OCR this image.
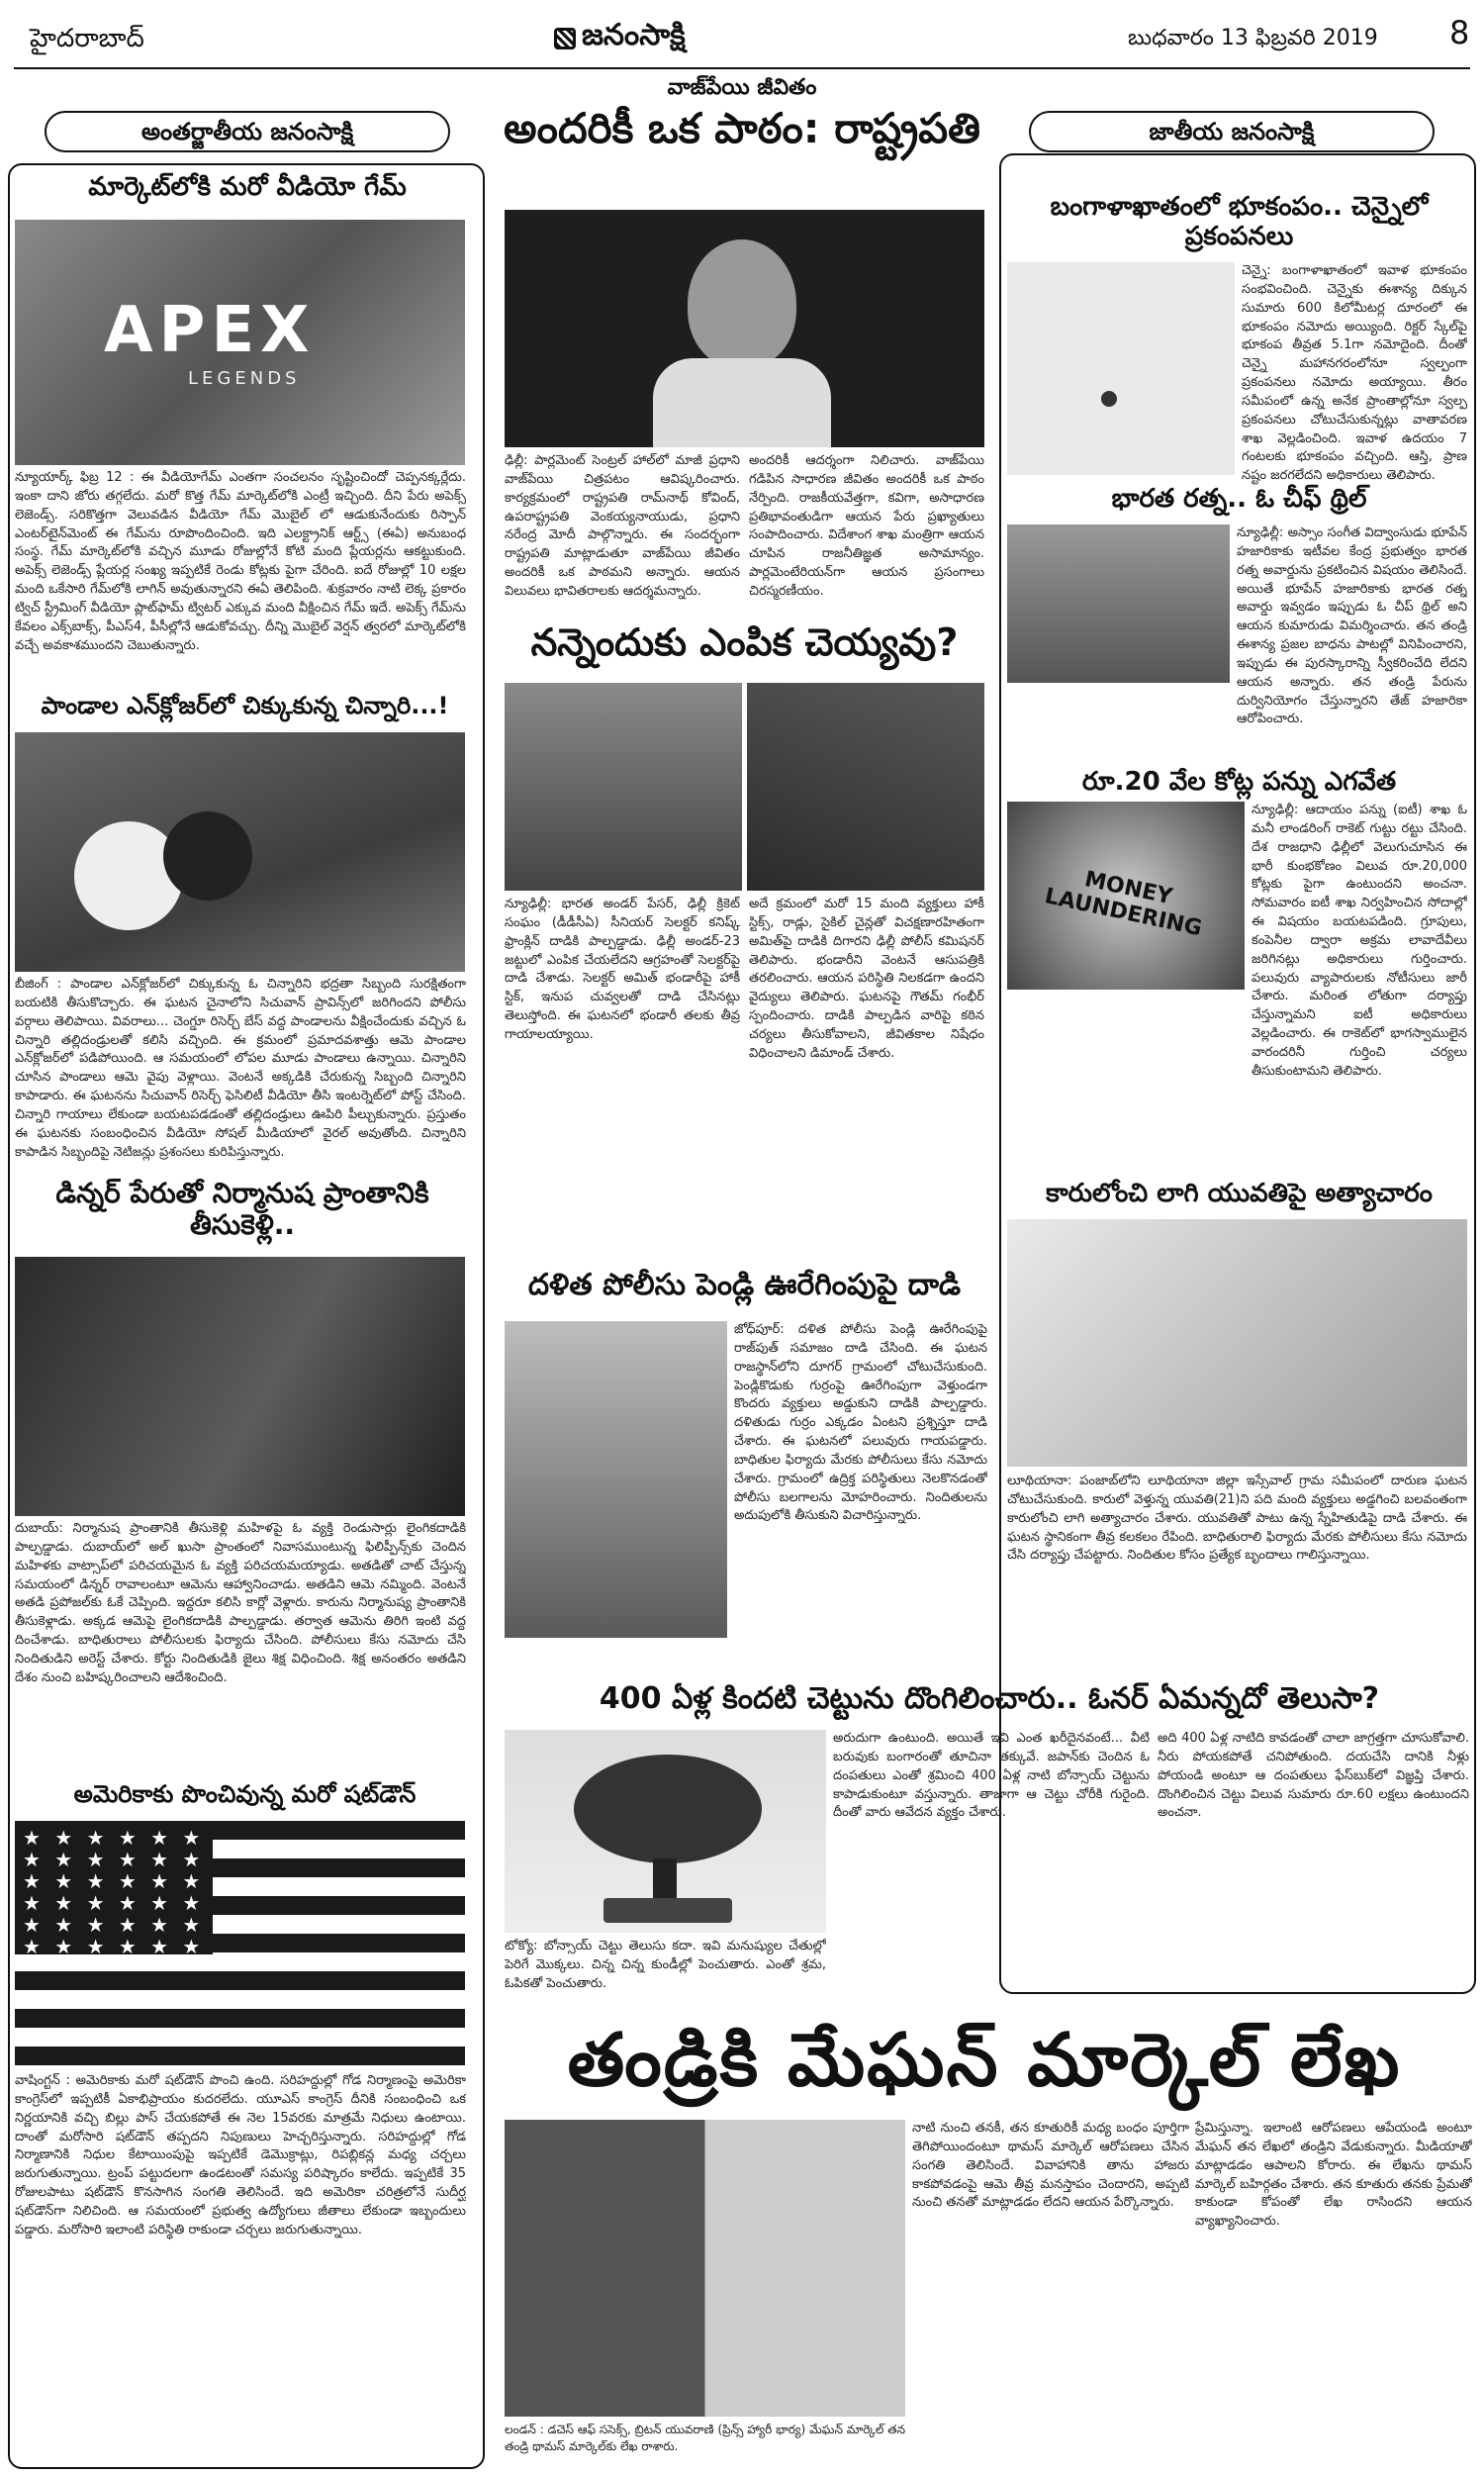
హైదరాబాద్	జనంసాక్షి	బుధవారం 13 ఫిబ్రవరి 2019 8
అంతర్జాతీయ జనంసాక్షి
మార్కెట్‌లోకి మరో వీడియో గేమ్
APEX
LEGENDS
న్యూయార్క్ ఫిబ్ర 12 : ఈ వీడియోగేమ్ ఎంతగా సంచలనం సృష్టించిందో చెప్పనక్కర్లేదు. ఇంకా దాని జోరు తగ్గలేదు. మరో కొత్త గేమ్ మార్కెట్‌లోకి ఎంట్రీ ఇచ్చింది. దీని పేరు అపెక్స్ లెజెండ్స్. సరికొత్తగా వెలువడిన వీడియో గేమ్ మొబైల్ లో ఆడుకునేందుకు రిస్పాన్ ఎంటర్‌టైన్‌మెంట్ ఈ గేమ్‌ను రూపొందించింది. ఇది ఎలక్ట్రానిక్ ఆర్ట్స్ (ఈఏ) అనుబంధ సంస్థ. గేమ్ మార్కెట్‌లోకి వచ్చిన మూడు రోజుల్లోనే కోటి మంది ప్లేయర్లను ఆకట్టుకుంది. అపెక్స్ లెజెండ్స్ ప్లేయర్ల సంఖ్య ఇప్పటికే రెండు కోట్లకు పైగా చేరింది. ఐదే రోజుల్లో 10 లక్షల మంది ఒకేసారి గేమ్‌లోకి లాగిన్ అవుతున్నారని ఈఏ తెలిపింది. శుక్రవారం నాటి లెక్క ప్రకారం ట్విచ్ స్ట్రీమింగ్ వీడియో ప్లాట్‌ఫామ్ ట్విటర్ ఎక్కువ మంది వీక్షించిన గేమ్ ఇదే. అపెక్స్ గేమ్‌ను కేవలం ఎక్స్‌బాక్స్, పీఎస్4, పీసీల్లోనే ఆడుకోవచ్చు. దీన్ని మొబైల్ వెర్షన్ త్వరలో మార్కెట్‌లోకి వచ్చే అవకాశముందని చెబుతున్నారు.
పాండాల ఎన్‌క్లోజర్‌లో చిక్కుకున్న చిన్నారి...!
బీజింగ్ : పాండాల ఎన్‌క్లోజర్‌లో చిక్కుకున్న ఓ చిన్నారిని భద్రతా సిబ్బంది సురక్షితంగా బయటికి తీసుకొచ్చారు. ఈ ఘటన చైనాలోని సిచువాన్ ప్రావిన్స్‌లో జరిగిందని పోలీసు వర్గాలు తెలిపాయి. వివరాలు... చెంగ్డూ రిసెర్చ్ బేస్ వద్ద పాండాలను వీక్షించేందుకు వచ్చిన ఓ చిన్నారి తల్లిదండ్రులతో కలిసి వచ్చింది. ఈ క్రమంలో ప్రమాదవశాత్తు ఆమె పాండాల ఎన్‌క్లోజర్‌లో పడిపోయింది. ఆ సమయంలో లోపల మూడు పాండాలు ఉన్నాయి. చిన్నారిని చూసిన పాండాలు ఆమె వైపు వెళ్లాయి. వెంటనే అక్కడికి చేరుకున్న సిబ్బంది చిన్నారిని కాపాడారు. ఈ ఘటనను సిచువాన్ రిసెర్చ్ ఫెసిలిటీ వీడియో తీసి ఇంటర్నెట్‌లో పోస్ట్ చేసింది. చిన్నారి గాయాలు లేకుండా బయటపడడంతో తల్లిదండ్రులు ఊపిరి పీల్చుకున్నారు. ప్రస్తుతం ఈ ఘటనకు సంబంధించిన వీడియో సోషల్ మీడియాలో వైరల్ అవుతోంది. చిన్నారిని కాపాడిన సిబ్బందిపై నెటిజన్లు ప్రశంసలు కురిపిస్తున్నారు.
డిన్నర్ పేరుతో నిర్మానుష ప్రాంతానికి తీసుకెళ్లి..
దుబాయ్: నిర్మానుష ప్రాంతానికి తీసుకెళ్లి మహిళపై ఓ వ్యక్తి రెండుసార్లు లైంగికదాడికి పాల్పడ్డాడు. దుబాయ్‌లో అల్ ఖుసా ప్రాంతంలో నివాసముంటున్న ఫిలిప్పీన్స్‌కు చెందిన మహిళకు వాట్సాప్‌లో పరిచయమైన ఓ వ్యక్తి పరిచయమయ్యాడు. అతడితో చాట్ చేస్తున్న సమయంలో డిన్నర్ రావాలంటూ ఆమెను ఆహ్వానించాడు. అతడిని ఆమె నమ్మింది. వెంటనే అతడి ప్రపోజల్‌కు ఓకే చెప్పింది. ఇద్దరూ కలిసి కార్లో వెళ్లారు. కారును నిర్మానుష్య ప్రాంతానికి తీసుకెళ్లాడు. అక్కడ ఆమెపై లైంగికదాడికి పాల్పడ్డాడు. తర్వాత ఆమెను తిరిగి ఇంటి వద్ద దించేశాడు. బాధితురాలు పోలీసులకు ఫిర్యాదు చేసింది. పోలీసులు కేసు నమోదు చేసి నిందితుడిని అరెస్ట్ చేశారు. కోర్టు నిందితుడికి జైలు శిక్ష విధించింది. శిక్ష అనంతరం అతడిని దేశం నుంచి బహిష్కరించాలని ఆదేశించింది.
అమెరికాకు పొంచివున్న మరో షట్‌డౌన్
★ ★ ★ ★ ★ ★ ★ ★ ★ ★ ★ ★ ★ ★ ★ ★ ★ ★ ★ ★ ★ ★ ★ ★ ★ ★ ★ ★ ★ ★ ★ ★ ★ ★ ★ ★
వాషింగ్టన్ : అమెరికాకు మరో షట్‌డౌన్ పొంచి ఉంది. సరిహద్దుల్లో గోడ నిర్మాణంపై అమెరికా కాంగ్రెస్‌లో ఇప్పటికీ ఏకాభిప్రాయం కుదరలేదు. యూఎస్ కాంగ్రెస్ దీనికి సంబంధించి ఒక నిర్ణయానికి వచ్చి బిల్లు పాస్ చేయకపోతే ఈ నెల 15వరకు మాత్రమే నిధులు ఉంటాయి. దాంతో మరోసారి షట్‌డౌన్ తప్పదని నిపుణులు హెచ్చరిస్తున్నారు. సరిహద్దుల్లో గోడ నిర్మాణానికి నిధుల కేటాయింపుపై ఇప్పటికే డెమొక్రాట్లు, రిపబ్లికన్ల మధ్య చర్చలు జరుగుతున్నాయి. ట్రంప్ పట్టుదలగా ఉండటంతో సమస్య పరిష్కారం కాలేదు. ఇప్పటికే 35 రోజులపాటు షట్‌డౌన్ కొనసాగిన సంగతి తెలిసిందే. ఇది అమెరికా చరిత్రలోనే సుదీర్ఘ షట్‌డౌన్‌గా నిలిచింది. ఆ సమయంలో ప్రభుత్వ ఉద్యోగులు జీతాలు లేకుండా ఇబ్బందులు పడ్డారు. మరోసారి ఇలాంటి పరిస్థితి రాకుండా చర్చలు జరుగుతున్నాయి.
వాజ్‌పేయి జీవితం
అందరికీ ఒక పాఠం: రాష్ట్రపతి
ఢిల్లీ: పార్లమెంట్ సెంట్రల్ హాల్‌లో మాజీ ప్రధాని వాజ్‌పేయి చిత్రపటం ఆవిష్కరించారు. కార్యక్రమంలో రాష్ట్రపతి రామ్‌నాథ్ కోవింద్, ఉపరాష్ట్రపతి వెంకయ్యనాయుడు, ప్రధాని నరేంద్ర మోదీ పాల్గొన్నారు. ఈ సందర్భంగా రాష్ట్రపతి మాట్లాడుతూ వాజ్‌పేయి జీవితం అందరికీ ఒక పాఠమని అన్నారు. ఆయన విలువలు భావితరాలకు ఆదర్శమన్నారు.
అందరికీ ఆదర్శంగా నిలిచారు. వాజ్‌పేయి గడిపిన సాధారణ జీవితం అందరికీ ఒక పాఠం నేర్పింది. రాజకీయవేత్తగా, కవిగా, అసాధారణ ప్రతిభావంతుడిగా ఆయన పేరు ప్రఖ్యాతులు సంపాదించారు. విదేశాంగ శాఖ మంత్రిగా ఆయన చూపిన రాజనీతిజ్ఞత అసామాన్యం. పార్లమెంటేరియన్‌గా ఆయన ప్రసంగాలు చిరస్మరణీయం.
నన్నెందుకు ఎంపిక చెయ్యవు?
న్యూఢిల్లీ: భారత అండర్ పేసర్, ఢిల్లీ క్రికెట్ సంఘం (డీడీసీఏ) సీనియర్ సెలక్టర్ కనిష్క్ ఫ్రాంక్లిన్‌ దాడికి పాల్పడ్డాడు. ఢిల్లీ అండర్-23 జట్టులో ఎంపిక చేయలేదని ఆగ్రహంతో సెలక్టర్‌పై దాడి చేశాడు. సెలక్టర్ అమిత్ భండారీపై హాకీ స్టిక్, ఇనుప చువ్వలతో దాడి చేసినట్లు తెలుస్తోంది. ఈ ఘటనలో భండారీ తలకు తీవ్ర గాయాలయ్యాయి.
అదే క్రమంలో మరో 15 మంది వ్యక్తులు హాకీ స్టిక్స్, రాడ్లు, సైకిల్ చైన్లతో విచక్షణారహితంగా అమిత్‌పై దాడికి దిగారని ఢిల్లీ పోలీస్ కమిషనర్ తెలిపారు. భండారీని వెంటనే ఆసుపత్రికి తరలించారు. ఆయన పరిస్థితి నిలకడగా ఉందని వైద్యులు తెలిపారు. ఘటనపై గౌతమ్ గంభీర్ స్పందించారు. దాడికి పాల్పడిన వారిపై కఠిన చర్యలు తీసుకోవాలని, జీవితకాల నిషేధం విధించాలని డిమాండ్ చేశారు.
దళిత పోలీసు పెండ్లి ఊరేగింపుపై దాడి
జోధ్‌పూర్: దళిత పోలీసు పెండ్లి ఊరేగింపుపై రాజ్‌పుత్ సమాజం దాడి చేసింది. ఈ ఘటన రాజస్థాన్‌లోని దూగర్ గ్రామంలో చోటుచేసుకుంది. పెండ్లికొడుకు గుర్రంపై ఊరేగింపుగా వెళ్తుండగా కొందరు వ్యక్తులు అడ్డుకుని దాడికి పాల్పడ్డారు. దళితుడు గుర్రం ఎక్కడం ఏంటని ప్రశ్నిస్తూ దాడి చేశారు. ఈ ఘటనలో పలువురు గాయపడ్డారు. బాధితుల ఫిర్యాదు మేరకు పోలీసులు కేసు నమోదు చేశారు. గ్రామంలో ఉద్రిక్త పరిస్థితులు నెలకొనడంతో పోలీసు బలగాలను మోహరించారు. నిందితులను అదుపులోకి తీసుకుని విచారిస్తున్నారు.
జాతీయ జనంసాక్షి
బంగాళాఖాతంలో భూకంపం.. చెన్నైలో ప్రకంపనలు
చెన్నై: బంగాళాఖాతంలో ఇవాళ భూకంపం సంభవించింది. చెన్నైకు ఈశాన్య దిక్కున సుమారు 600 కిలోమీటర్ల దూరంలో ఈ భూకంపం నమోదు అయ్యింది. రిక్టర్ స్కేల్‌పై భూకంప తీవ్రత 5.1గా నమోదైంది. దీంతో చెన్నై మహానగరంలోనూ స్వల్పంగా ప్రకంపనలు నమోదు అయ్యాయి. తీరం సమీపంలో ఉన్న అనేక ప్రాంతాల్లోనూ స్వల్ప ప్రకంపనలు చోటుచేసుకున్నట్లు వాతావరణ శాఖ వెల్లడించింది. ఇవాళ ఉదయం 7 గంటలకు భూకంపం వచ్చింది. ఆస్తి, ప్రాణ నష్టం జరగలేదని అధికారులు తెలిపారు.
భారత రత్న.. ఓ చీఫ్ థ్రిల్
న్యూఢిల్లీ: అస్సాం సంగీత విద్వాంసుడు భూపేన్ హజారికాకు ఇటీవల కేంద్ర ప్రభుత్వం భారత రత్న అవార్డును ప్రకటించిన విషయం తెలిసిందే. అయితే భూపేన్ హజారికాకు భారత రత్న అవార్డు ఇవ్వడం ఇప్పుడు ఓ చీప్ థ్రిల్ అని ఆయన కుమారుడు విమర్శించారు. తన తండ్రి ఈశాన్య ప్రజల బాధను పాటల్లో వినిపించారని, ఇప్పుడు ఈ పురస్కారాన్ని స్వీకరించేది లేదని ఆయన అన్నారు. తన తండ్రి పేరును దుర్వినియోగం చేస్తున్నారని తేజ్ హజారికా ఆరోపించారు.
రూ.20 వేల కోట్ల పన్ను ఎగవేత
MONEY LAUNDERING
న్యూఢిల్లీ: ఆదాయం పన్ను (ఐటీ) శాఖ ఓ మనీ లాండరింగ్ రాకెట్ గుట్టు రట్టు చేసింది. దేశ రాజధాని ఢిల్లీలో వెలుగుచూసిన ఈ భారీ కుంభకోణం విలువ రూ.20,000 కోట్లకు పైగా ఉంటుందని అంచనా. సోమవారం ఐటీ శాఖ నిర్వహించిన సోదాల్లో ఈ విషయం బయటపడింది. గ్రూపులు, కంపెనీల ద్వారా అక్రమ లావాదేవీలు జరిగినట్లు అధికారులు గుర్తించారు. పలువురు వ్యాపారులకు నోటీసులు జారీ చేశారు. మరింత లోతుగా దర్యాప్తు చేస్తున్నామని ఐటీ అధికారులు వెల్లడించారు. ఈ రాకెట్‌లో భాగస్వాములైన వారందరినీ గుర్తించి చర్యలు తీసుకుంటామని తెలిపారు.
కారులోంచి లాగి యువతిపై అత్యాచారం
లూథియానా: పంజాబ్‌లోని లూథియానా జిల్లా ఇస్సేవాల్ గ్రామ సమీపంలో దారుణ ఘటన చోటుచేసుకుంది. కారులో వెళ్తున్న యువతి(21)ని పది మంది వ్యక్తులు అడ్డగించి బలవంతంగా కారులోంచి లాగి అత్యాచారం చేశారు. యువతితో పాటు ఉన్న స్నేహితుడిపై దాడి చేశారు. ఈ ఘటన స్థానికంగా తీవ్ర కలకలం రేపింది. బాధితురాలి ఫిర్యాదు మేరకు పోలీసులు కేసు నమోదు చేసి దర్యాప్తు చేపట్టారు. నిందితుల కోసం ప్రత్యేక బృందాలు గాలిస్తున్నాయి.
400 ఏళ్ల కిందటి చెట్టును దొంగిలించారు.. ఓనర్ ఏమన్నదో తెలుసా?
టోక్యో: బోన్సాయ్ చెట్టు తెలుసు కదా. ఇవి మనుష్యుల చేతుల్లో పెరిగే మొక్కలు. చిన్న చిన్న కుండీల్లో పెంచుతారు. ఎంతో శ్రమ, ఓపికతో పెంచుతారు.
అరుదుగా ఉంటుంది. అయితే ఇవి ఎంత ఖరీదైనవంటే... వీటి బరువుకు బంగారంతో తూచినా తక్కువే. జపాన్‌కు చెందిన ఓ దంపతులు ఎంతో శ్రమించి 400 ఏళ్ల నాటి బోన్సాయ్ చెట్టును కాపాడుకుంటూ వస్తున్నారు. తాజాగా ఆ చెట్టు చోరీకి గురైంది. దీంతో వారు ఆవేదన వ్యక్తం చేశారు.
అది 400 ఏళ్ల నాటిది కావడంతో చాలా జాగ్రత్తగా చూసుకోవాలి. నీరు పోయకపోతే చనిపోతుంది. దయచేసి దానికి నీళ్లు పోయండి అంటూ ఆ దంపతులు ఫేస్‌బుక్‌లో విజ్ఞప్తి చేశారు. దొంగిలించిన చెట్టు విలువ సుమారు రూ.60 లక్షలు ఉంటుందని అంచనా.
తండ్రికి మేఘన్ మార్కెల్ లేఖ
లండన్ : డచెస్ ఆఫ్ ససెక్స్, బ్రిటన్ యువరాణి (ప్రిన్స్ హ్యారీ భార్య) మేఘన్ మార్కెల్ తన తండ్రి థామస్ మార్కెల్‌కు లేఖ రాశారు.
నాటి నుంచి తనకీ, తన కూతురికీ మధ్య బంధం పూర్తిగా తెగిపోయిందంటూ థామస్ మార్కెల్ ఆరోపణలు చేసిన సంగతి తెలిసిందే. వివాహానికి తాను హాజరు కాకపోవడంపై ఆమె తీవ్ర మనస్తాపం చెందారని, అప్పటి నుంచి తనతో మాట్లాడడం లేదని ఆయన పేర్కొన్నారు.
ప్రేమిస్తున్నా. ఇలాంటి ఆరోపణలు ఆపేయండి అంటూ మేఘన్ తన లేఖలో తండ్రిని వేడుకున్నారు. మీడియాతో మాట్లాడడం ఆపాలని కోరారు. ఈ లేఖను థామస్ మార్కెల్ బహిర్గతం చేశారు. తన కూతురు తనకు ప్రేమతో కాకుండా కోపంతో లేఖ రాసిందని ఆయన వ్యాఖ్యానించారు.
